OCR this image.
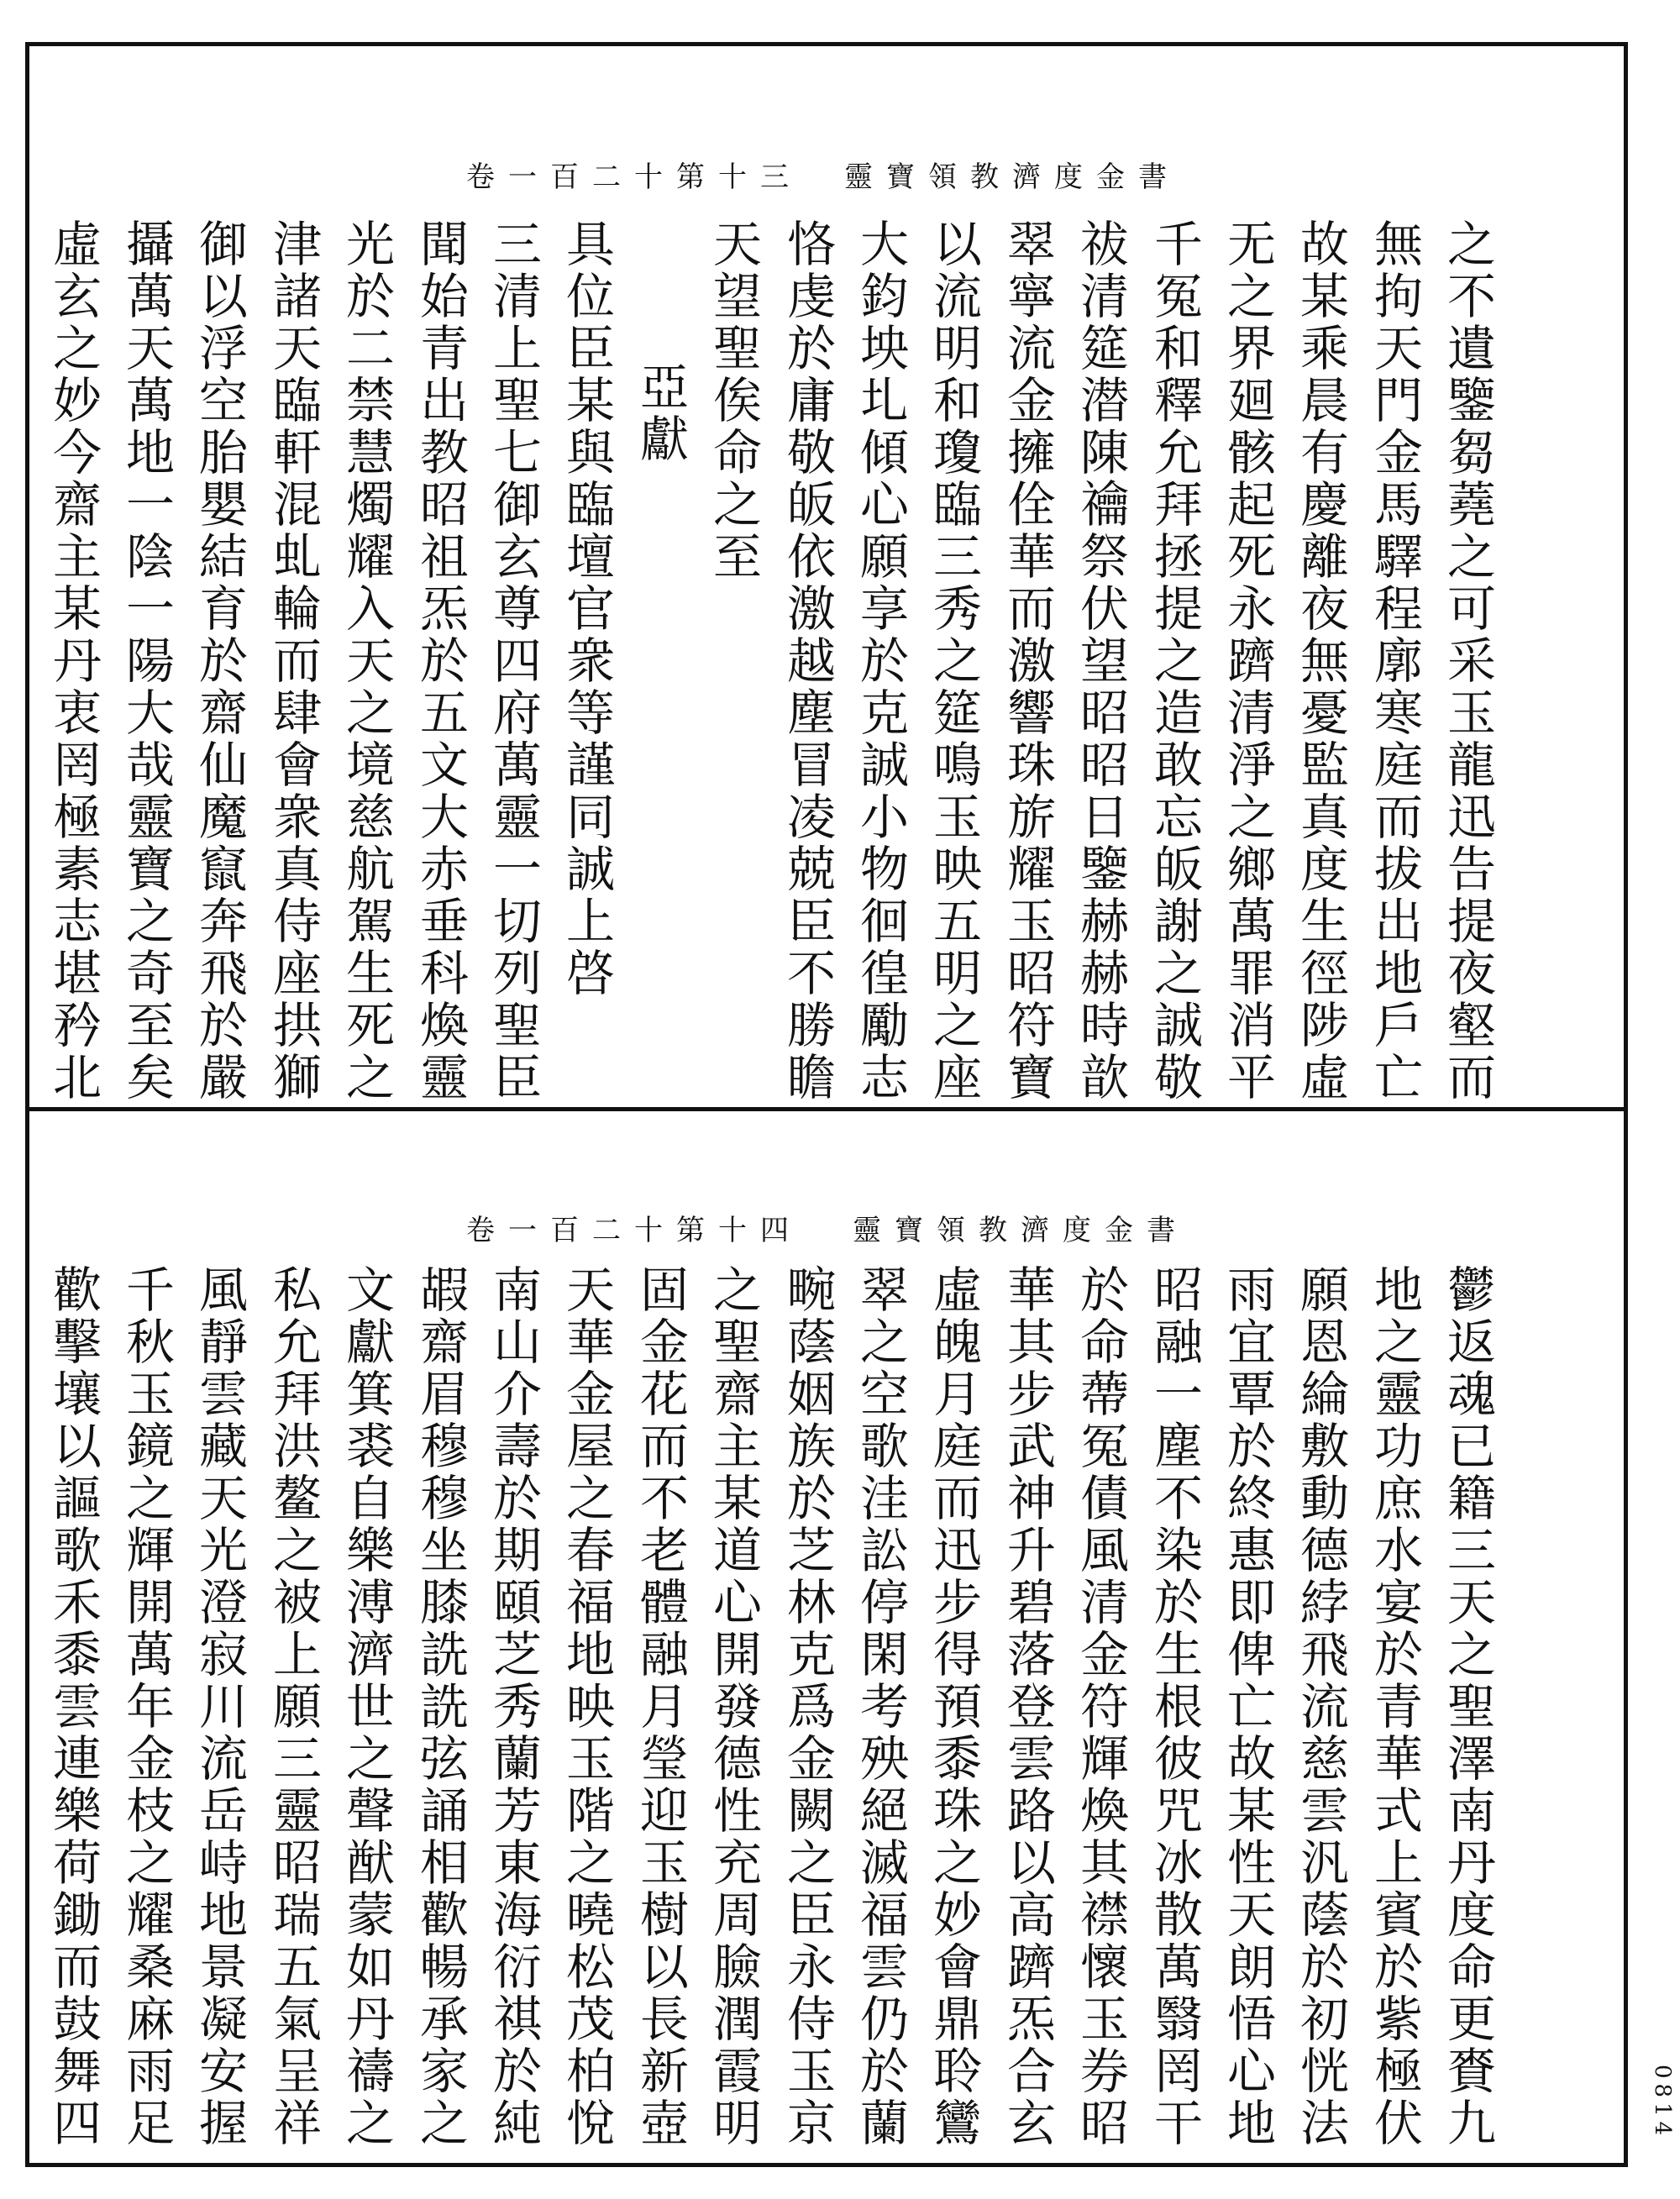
卷一百二十第十三 靈寶領教濟度金書
之不遺鑒芻蕘之可采玉龍迅告提夜壑而
無拘天門金馬驛程廓寒庭而拔出地戶亡
故某乘晨有慶離夜無憂監真度生徑陟虛
无之界廻骸起死永躋清淨之鄉萬罪消平
千冤和釋允拜拯提之造敢忘皈謝之誠敬
祓清筵潜陳禴祭伏望昭昭日鑒赫赫時歆
翠寧流金擁佺華而激響珠旂耀玉昭符寶
以流明和瓊臨三秀之筵鳴玉映五明之座
大鈞坱圠傾心願享於克誠小物徊徨勵志
恪虔於庸敬皈依激越塵冒凌兢臣不勝瞻
天望聖俟命之至
亞獻
具位臣某與臨壇官衆等謹同誠上啓
三清上聖七御玄尊四府萬靈一切列聖臣
聞始青出教昭祖炁於五文大赤垂科煥靈
光於二禁慧燭耀入天之境慈航駕生死之
津諸天臨軒混虬輪而肆會衆真侍座拱獅
御以浮空胎嬰結育於齋仙魔竄奔飛於嚴
攝萬天萬地一陰一陽大哉靈寶之奇至矣
虛玄之妙今齋主某丹衷罔極素志堪矜北
卷一百二十第十四 靈寶領教濟度金書
鬱返魂已籍三天之聖澤南丹度命更賚九
地之靈功庶水宴於青華式上賓於紫極伏
願恩綸敷動德綍飛流慈雲汎蔭於初恍法
雨宜覃於終惠即俾亡故某性天朗悟心地
昭融一塵不染於生根彼咒冰散萬翳罔干
於命蔕冤債風清金符輝煥其襟懷玉券昭
華其步武神升碧落登雲路以高躋炁合玄
虛魄月庭而迅步得預黍珠之妙會鼎聆鸞
翠之空歌洼訟停閑考殃絕滅福雲仍於蘭
畹蔭姻族於芝林克爲金闕之臣永侍玉京
之聖齋主某道心開發德性充周臉潤霞明
固金花而不老體融月瑩迎玉樹以長新壺
天華金屋之春福地映玉階之曉松茂柏悅
南山介壽於期頤芝秀蘭芳東海衍祺於純
嘏齋眉穆穆坐膝詵詵弦誦相歡暢承家之
文獻箕裘自樂溥濟世之聲猷蒙如丹禱之
私允拜洪鳌之被上願三靈昭瑞五氣呈祥
風靜雲藏天光澄寂川流岳峙地景凝安握
千秋玉鏡之輝開萬年金枝之耀桑麻雨足
歡擊壤以謳歌禾黍雲連樂荷鋤而鼓舞四	0814
